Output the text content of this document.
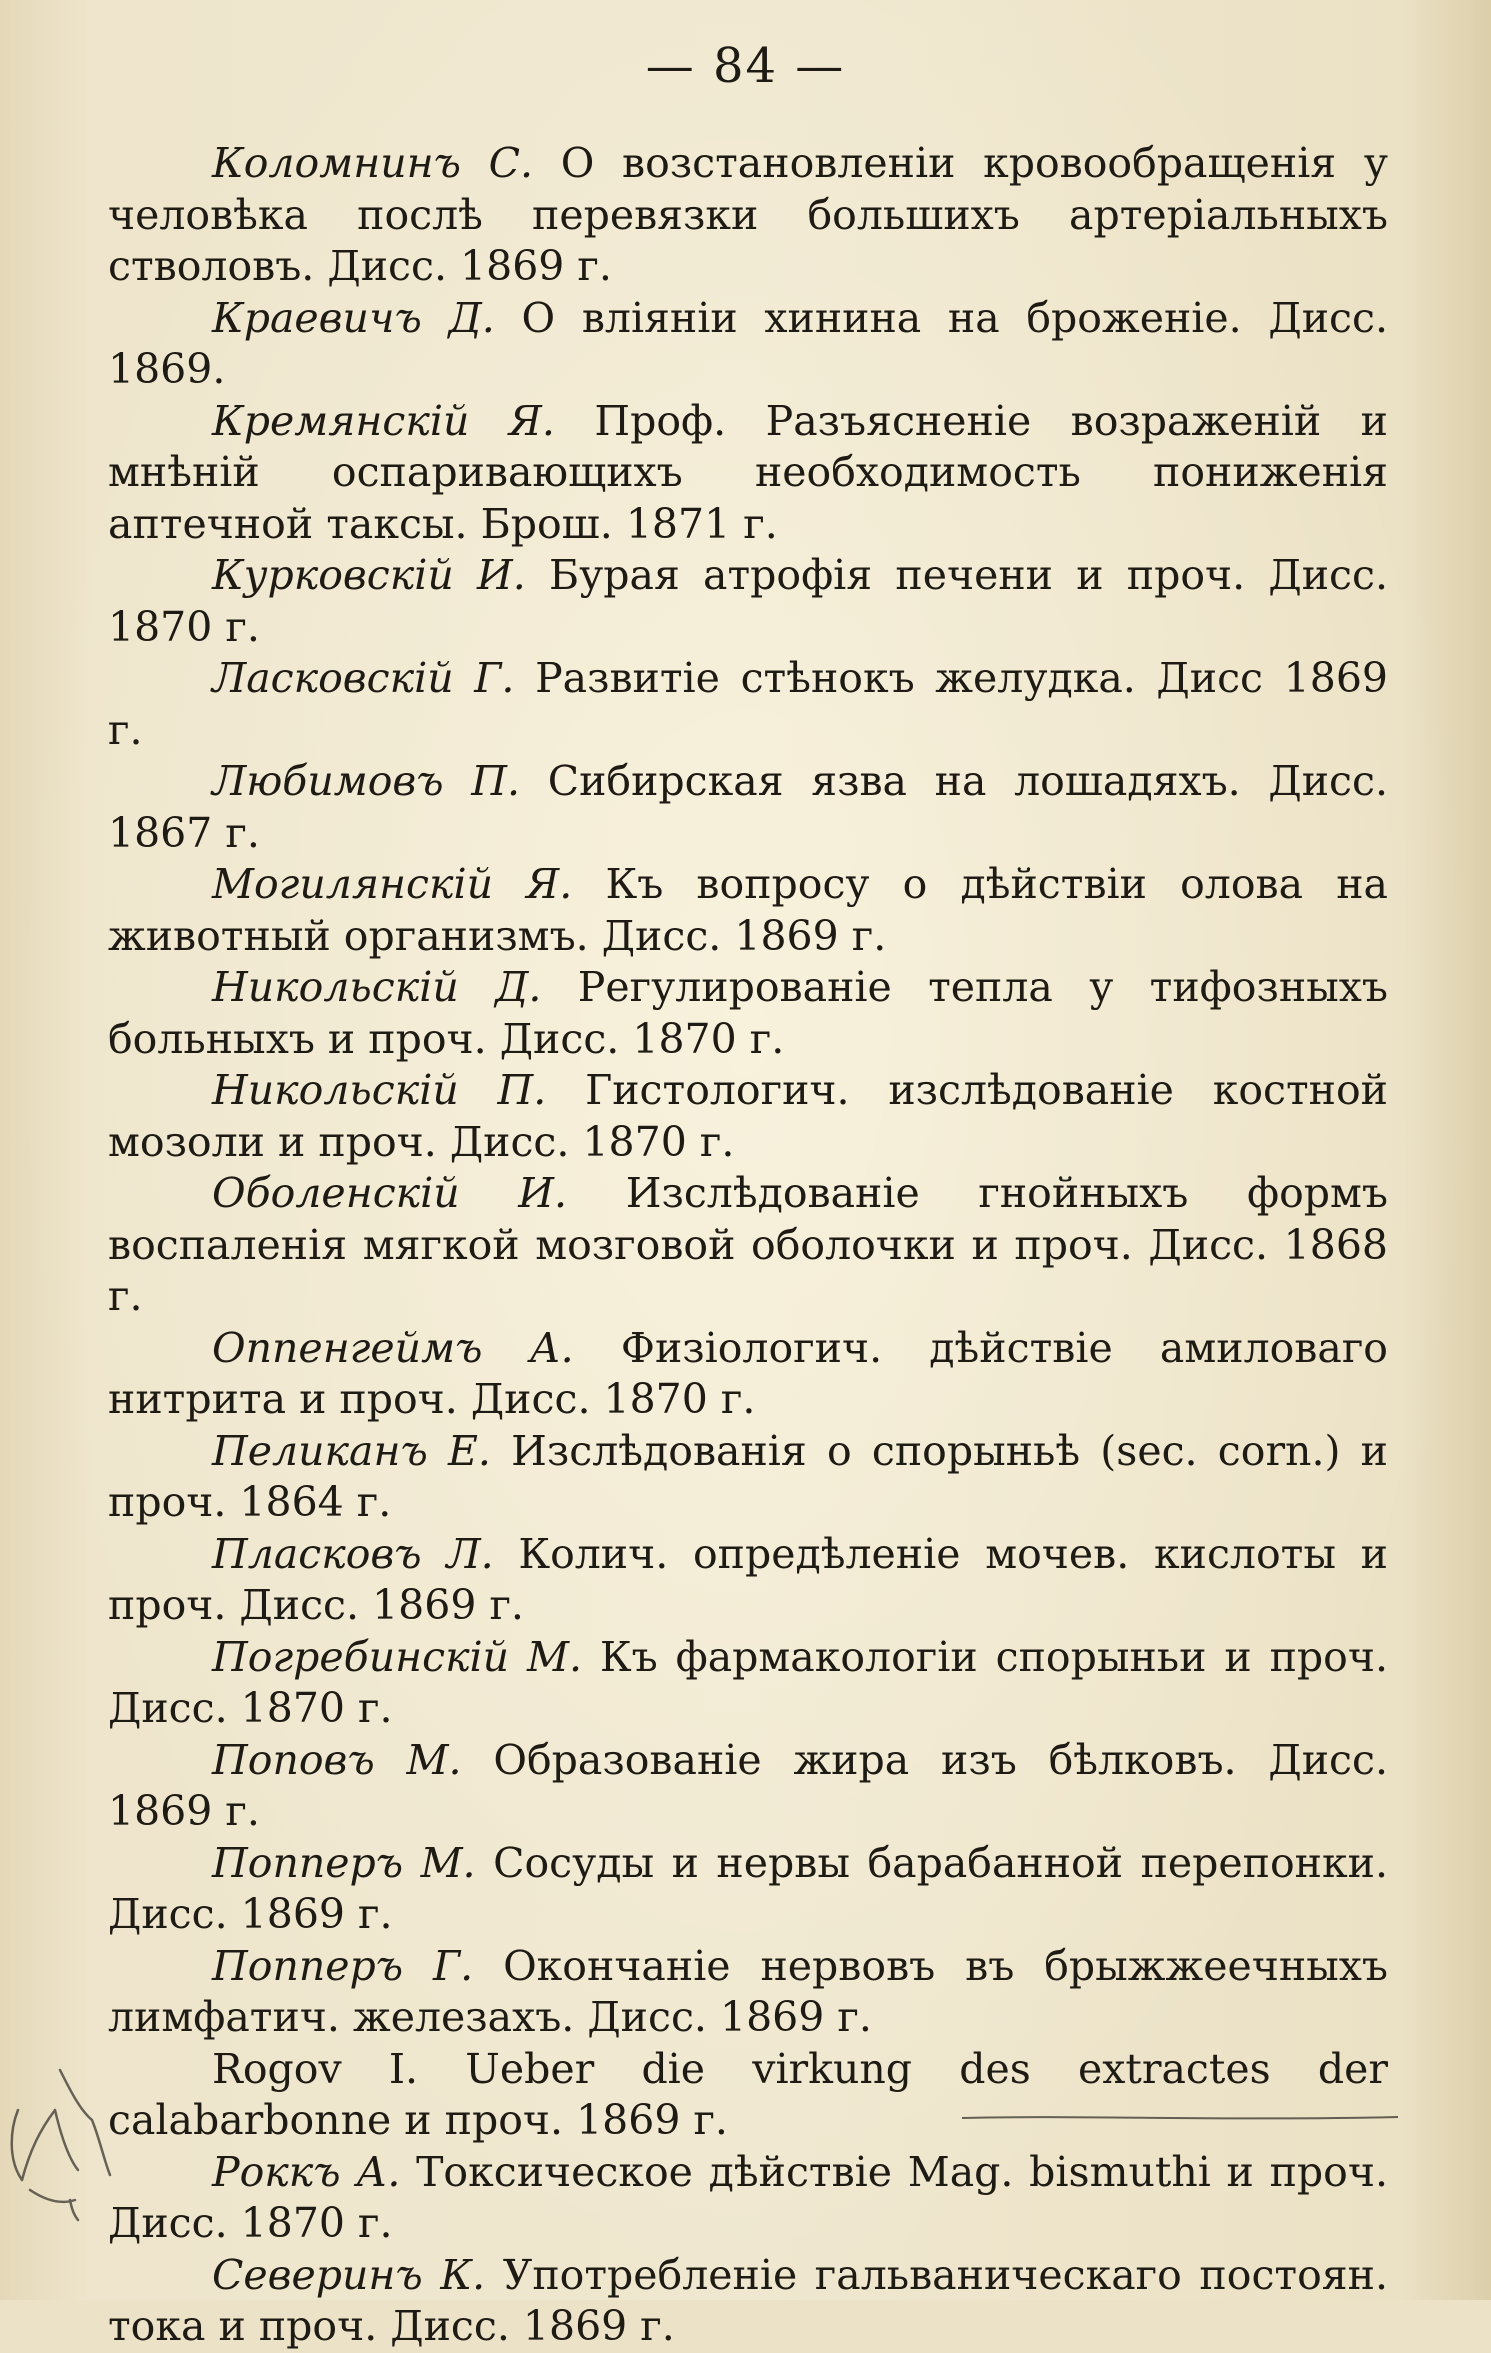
— 84 —

Коломнинъ С. О возстановленіи кровообращенія у человѣка послѣ перевязки большихъ артеріальныхъ стволовъ. Дисс. 1869 г.

Краевичъ Д. О вліяніи хинина на броженіе. Дисс. 1869.

Кремянскій Я. Проф. Разъясненіе возраженій и мнѣній оспаривающихъ необходимость пониженія аптечной таксы. Брош. 1871 г.

Курковскій И. Бурая атрофія печени и проч. Дисс. 1870 г.

Ласковскій Г. Развитіе стѣнокъ желудка. Дисс 1869 г.

Любимовъ П. Сибирская язва на лошадяхъ. Дисс. 1867 г.

Могилянскій Я. Къ вопросу о дѣйствіи олова на животный организмъ. Дисс. 1869 г.

Никольскій Д. Регулированіе тепла у тифозныхъ больныхъ и проч. Дисс. 1870 г.

Никольскій П. Гистологич. изслѣдованіе костной мозоли и проч. Дисс. 1870 г.

Оболенскій И. Изслѣдованіе гнойныхъ формъ воспаленія мягкой мозговой оболочки и проч. Дисс. 1868 г.

Оппенгеймъ А. Физіологич. дѣйствіе амиловаго нитрита и проч. Дисс. 1870 г.

Пеликанъ Е. Изслѣдованія о спорыньѣ (sec. corn.) и проч. 1864 г.

Пласковъ Л. Колич. опредѣленіе мочев. кислоты и проч. Дисс. 1869 г.

Погребинскій М. Къ фармакологіи спорыньи и проч. Дисс. 1870 г.

Поповъ М. Образованіе жира изъ бѣлковъ. Дисс. 1869 г.

Попперъ М. Сосуды и нервы барабанной перепонки. Дисс. 1869 г.

Попперъ Г. Окончаніе нервовъ въ брыжжеечныхъ лимфатич. железахъ. Дисс. 1869 г.

Rogov I. Ueber die virkung des extractes der calabarbonne и проч. 1869 г.

Роккъ А. Токсическое дѣйствіе Mag. bismuthi и проч. Дисс. 1870 г.

Северинъ К. Употребленіе гальваническаго постоян. тока и проч. Дисс. 1869 г.
